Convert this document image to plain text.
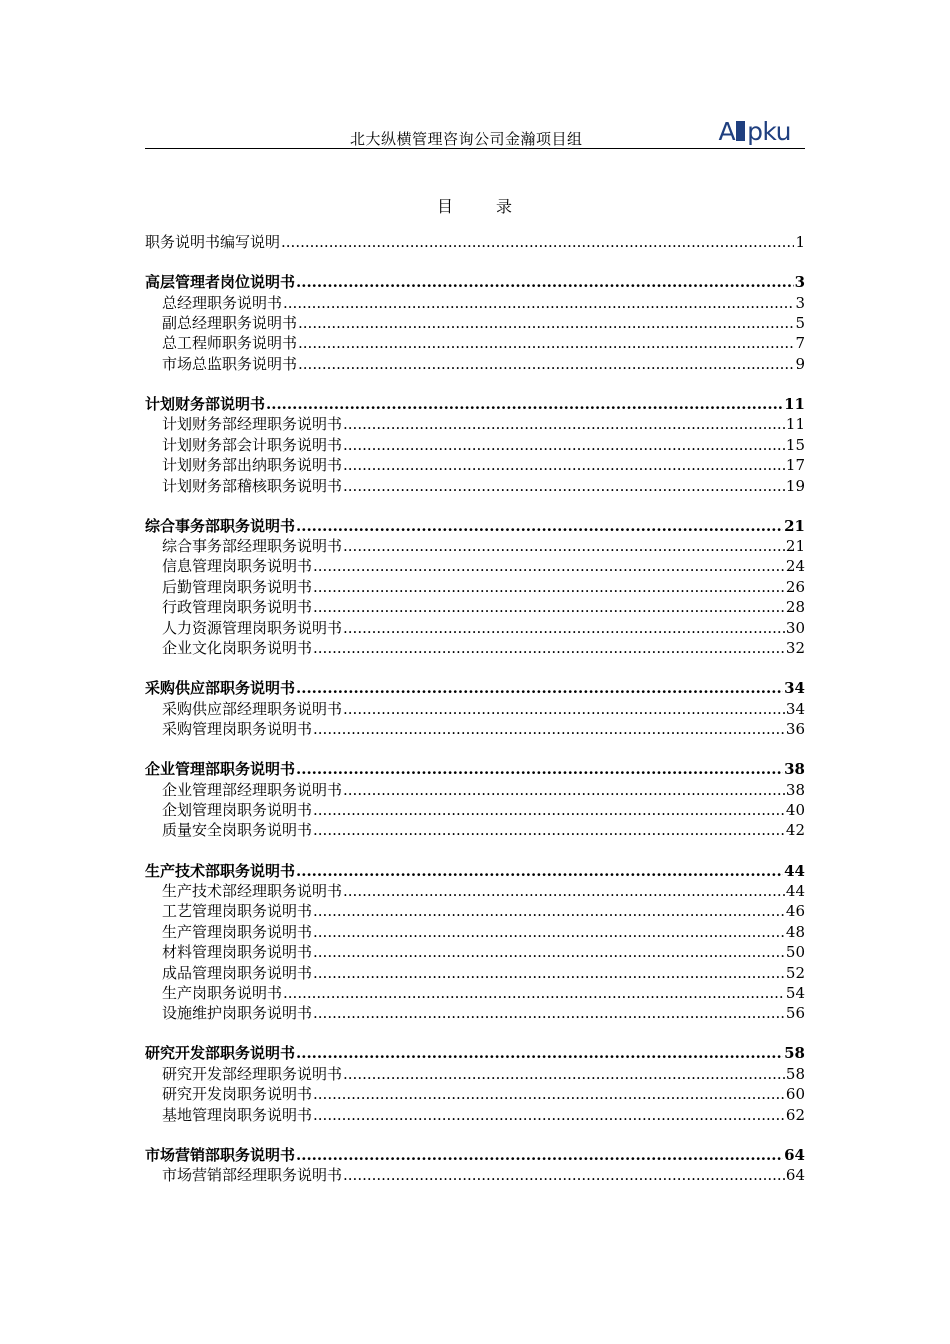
北大纵横管理咨询公司金瀚项目组	A pku
目	录
职务说明书编写说明 .....	1
高层管理者岗位说明书 .....	3
总经理职务说明书 .....	3
副总经理职务说明书 .....	5
总工程师职务说明书 .....	7
市场总监职务说明书 .....	9
计划财务部说明书 .....	11
计划财务部经理职务说明书 .....	11
计划财务部会计职务说明书 .....	15
计划财务部出纳职务说明书 .....	17
计划财务部稽核职务说明书 .....	19
综合事务部职务说明书 .....	21
综合事务部经理职务说明书 .....	21
信息管理岗职务说明书 .....	24
后勤管理岗职务说明书 .....	26
行政管理岗职务说明书 .....	28
人力资源管理岗职务说明书 .....	30
企业文化岗职务说明书 .....	32
采购供应部职务说明书 .....	34
采购供应部经理职务说明书 .....	34
采购管理岗职务说明书 .....	36
企业管理部职务说明书 .....	38
企业管理部经理职务说明书 .....	38
企划管理岗职务说明书 .....	40
质量安全岗职务说明书 .....	42
生产技术部职务说明书 .....	44
生产技术部经理职务说明书 .....	44
工艺管理岗职务说明书 .....	46
生产管理岗职务说明书 .....	48
材料管理岗职务说明书 .....	50
成品管理岗职务说明书 .....	52
生产岗职务说明书 .....	54
设施维护岗职务说明书 .....	56
研究开发部职务说明书 .....	58
研究开发部经理职务说明书 .....	58
研究开发岗职务说明书 .....	60
基地管理岗职务说明书 .....	62
市场营销部职务说明书 .....	64
市场营销部经理职务说明书 .....	64
